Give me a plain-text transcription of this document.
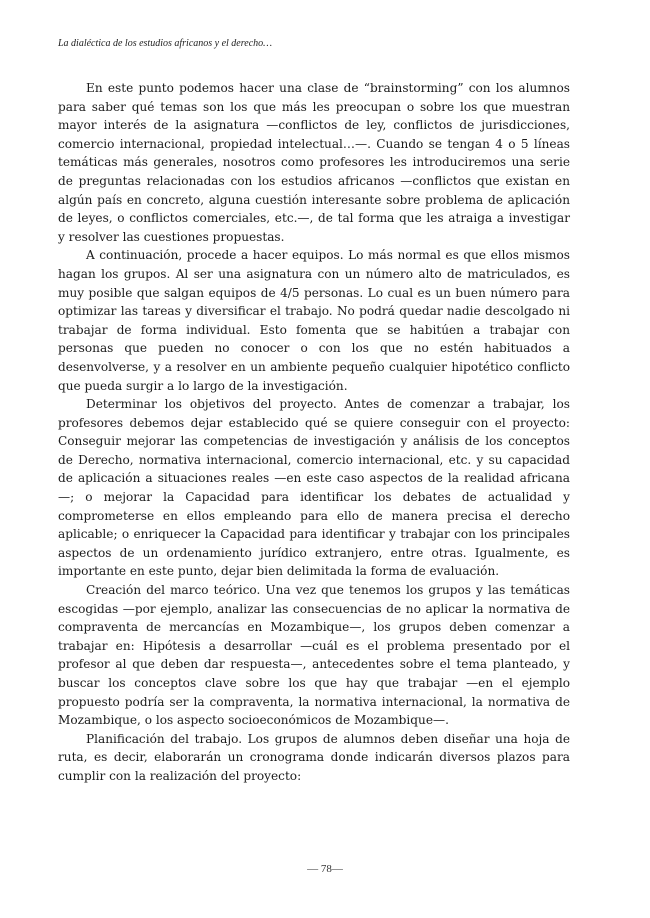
La dialéctica de los estudios africanos y el derecho…

En este punto podemos hacer una clase de “brainstorming” con los alumnos para saber qué temas son los que más les preocupan o sobre los que muestran mayor interés de la asignatura —conflictos de ley, conflictos de jurisdicciones, comercio internacional, propiedad intelectual…—. Cuando se tengan 4 o 5 líneas temáticas más generales, nosotros como profesores les introduciremos una serie de preguntas relacionadas con los estudios africanos —conflictos que existan en algún país en concreto, alguna cuestión interesante sobre problema de aplicación de leyes, o conflictos comerciales, etc.—, de tal forma que les atraiga a investigar y resolver las cuestiones propuestas.

A continuación, procede a hacer equipos. Lo más normal es que ellos mismos hagan los grupos. Al ser una asignatura con un número alto de matriculados, es muy posible que salgan equipos de 4/5 personas. Lo cual es un buen número para optimizar las tareas y diversificar el trabajo. No podrá quedar nadie descolgado ni trabajar de forma individual. Esto fomenta que se habitúen a trabajar con personas que pueden no conocer o con los que no estén habituados a desenvolverse, y a resolver en un ambiente pequeño cualquier hipotético conflicto que pueda surgir a lo largo de la investigación.

Determinar los objetivos del proyecto. Antes de comenzar a trabajar, los profesores debemos dejar establecido qué se quiere conseguir con el proyecto: Conseguir mejorar las competencias de investigación y análisis de los conceptos de Derecho, normativa internacional, comercio internacional, etc. y su capacidad de aplicación a situaciones reales —en este caso aspectos de la realidad africana—; o mejorar la Capacidad para identificar los debates de actualidad y comprometerse en ellos empleando para ello de manera precisa el derecho aplicable; o enriquecer la Capacidad para identificar y trabajar con los principales aspectos de un ordenamiento jurídico extranjero, entre otras. Igualmente, es importante en este punto, dejar bien delimitada la forma de evaluación.

Creación del marco teórico. Una vez que tenemos los grupos y las temáticas escogidas —por ejemplo, analizar las consecuencias de no aplicar la normativa de compraventa de mercancías en Mozambique—, los grupos deben comenzar a trabajar en: Hipótesis a desarrollar —cuál es el problema presentado por el profesor al que deben dar respuesta—, antecedentes sobre el tema planteado, y buscar los conceptos clave sobre los que hay que trabajar —en el ejemplo propuesto podría ser la compraventa, la normativa internacional, la normativa de Mozambique, o los aspecto socioeconómicos de Mozambique—.

Planificación del trabajo. Los grupos de alumnos deben diseñar una hoja de ruta, es decir, elaborarán un cronograma donde indicarán diversos plazos para cumplir con la realización del proyecto:

— 78—
